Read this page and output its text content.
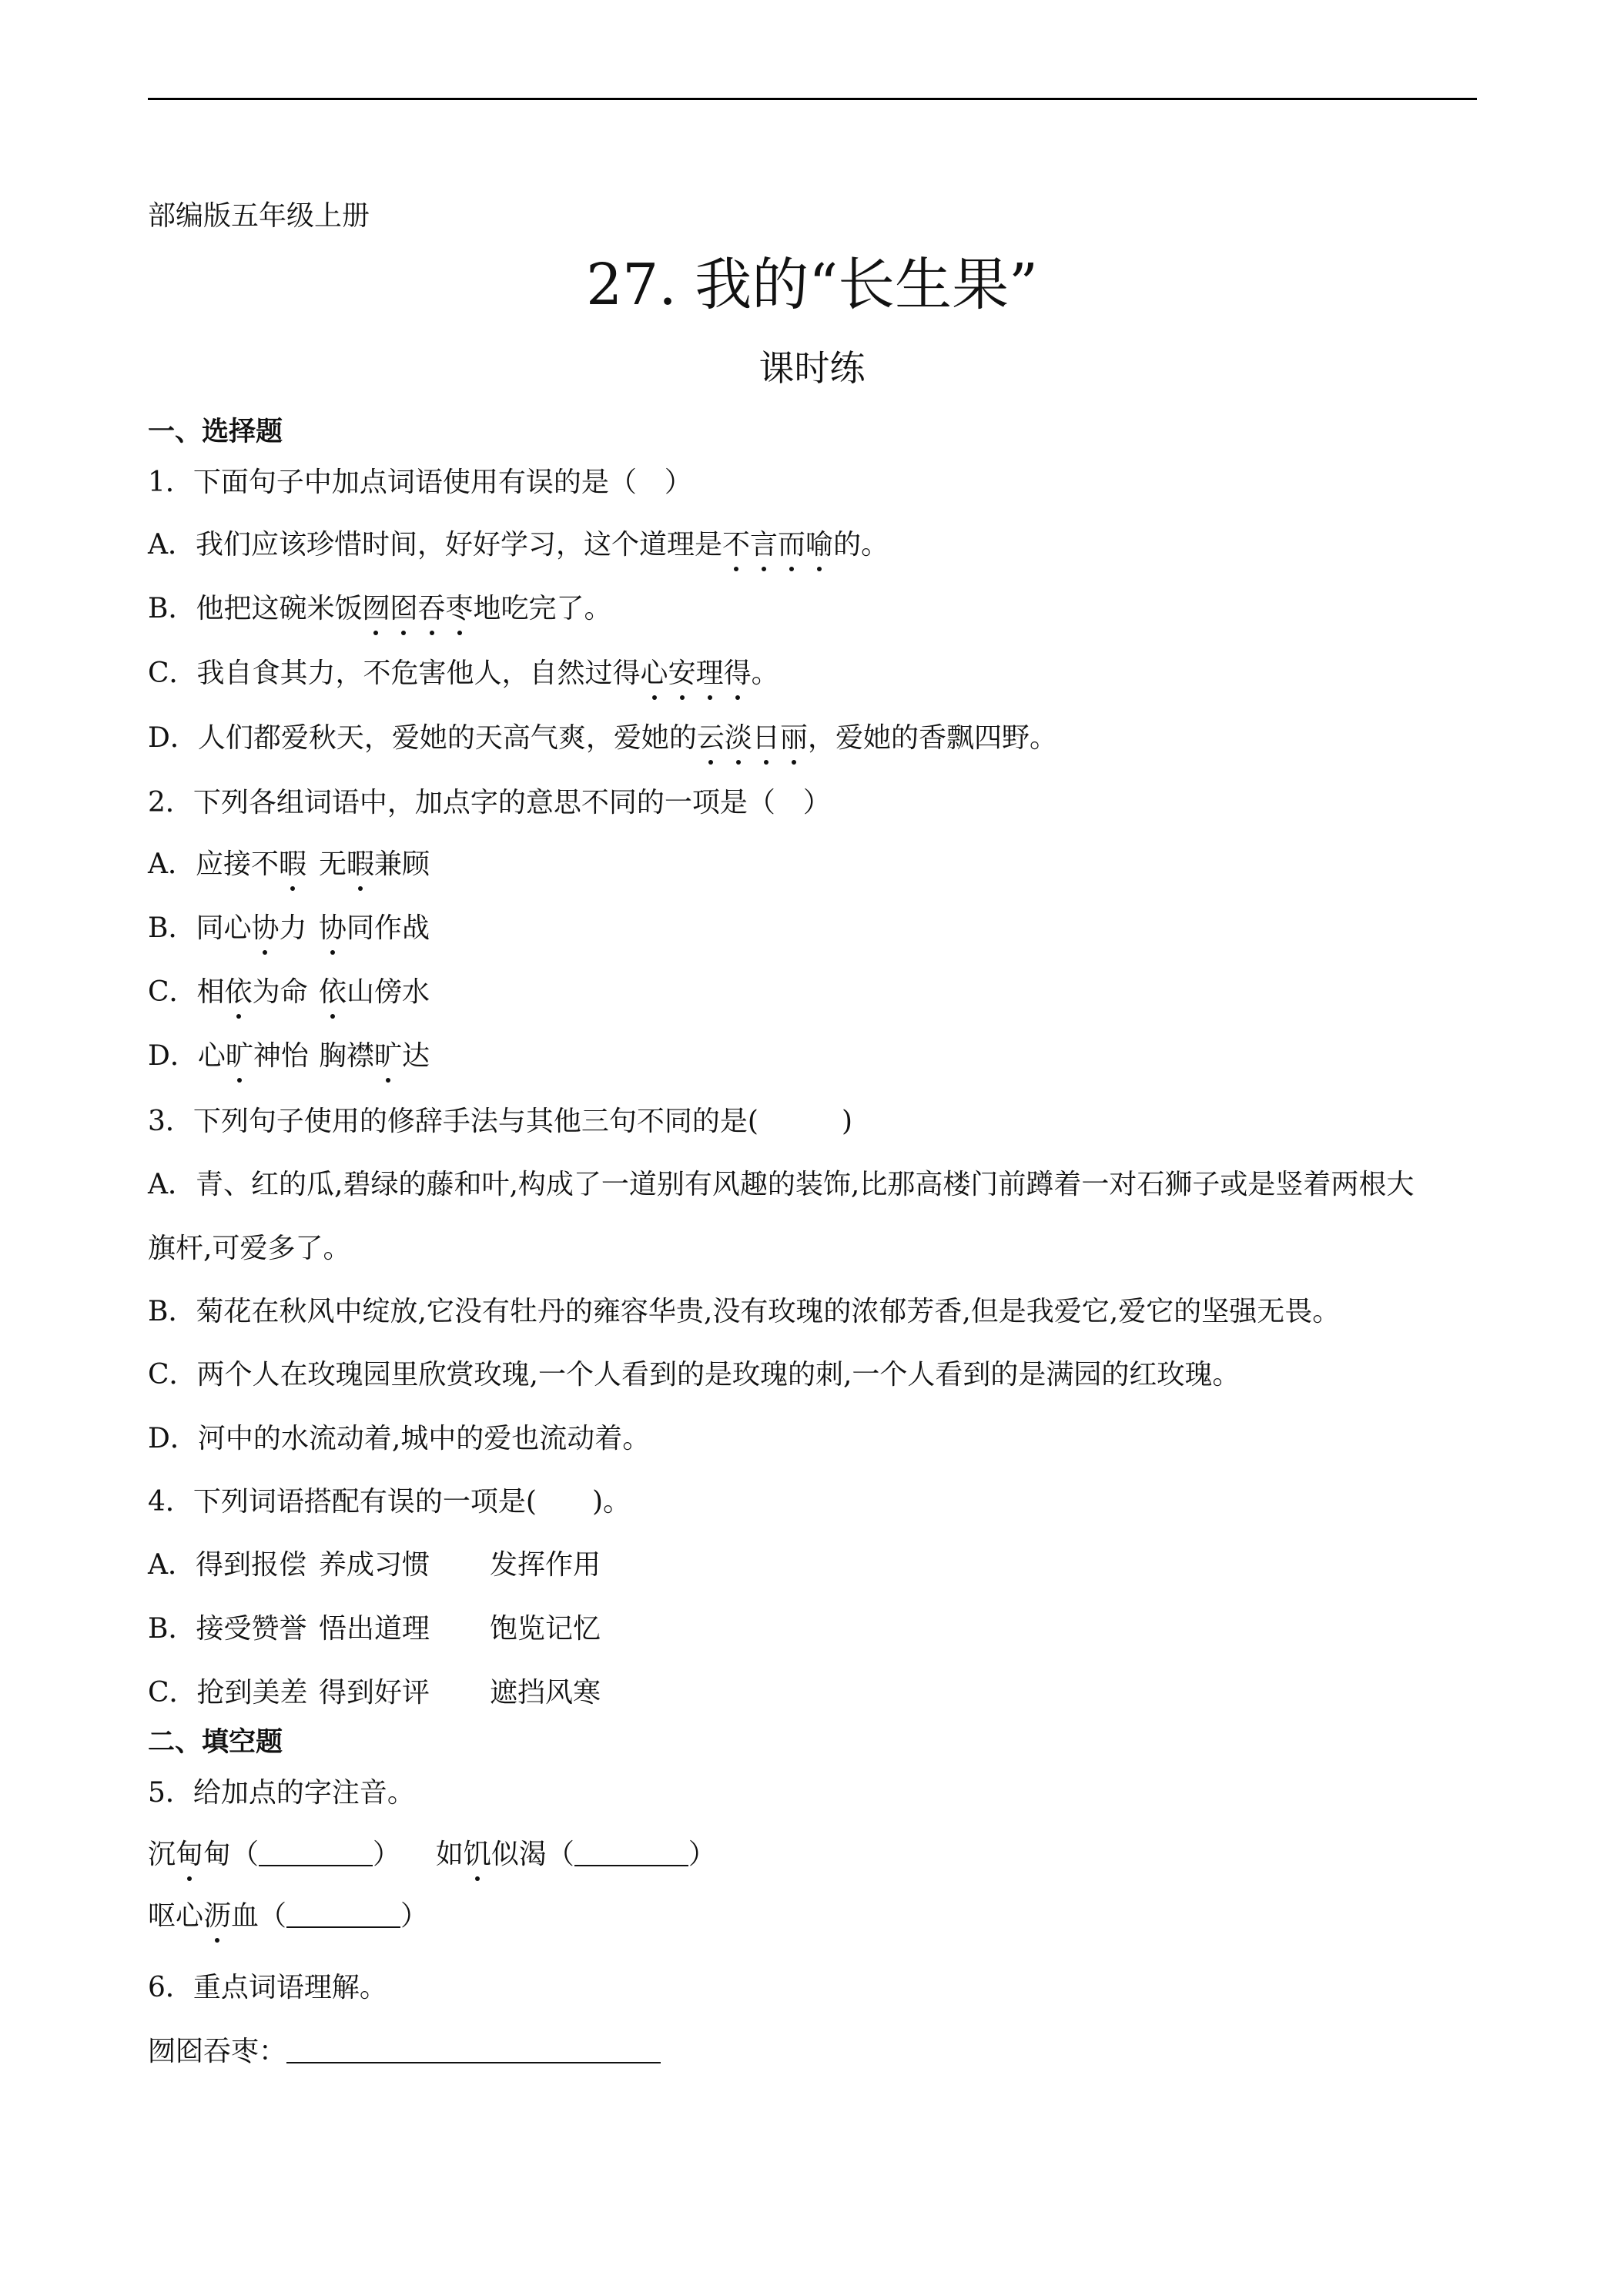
部编版五年级上册
27. 我的“长生果”
课时练
一、选择题
1．下面句子中加点词语使用有误的是（　）
A．我们应该珍惜时间，好好学习，这个道理是不言而喻的。
B．他把这碗米饭囫囵吞枣地吃完了。
C．我自食其力，不危害他人，自然过得心安理得。
D．人们都爱秋天，爱她的天高气爽，爱她的云淡日丽，爱她的香飘四野。
2．下列各组词语中，加点字的意思不同的一项是（　）
A．应接不暇 无暇兼顾
B．同心协力 协同作战
C．相依为命 依山傍水
D．心旷神怡 胸襟旷达
3．下列句子使用的修辞手法与其他三句不同的是(　　　)
A．青、红的瓜,碧绿的藤和叶,构成了一道别有风趣的装饰,比那高楼门前蹲着一对石狮子或是竖着两根大
旗杆,可爱多了。
B．菊花在秋风中绽放,它没有牡丹的雍容华贵,没有玫瑰的浓郁芳香,但是我爱它,爱它的坚强无畏。
C．两个人在玫瑰园里欣赏玫瑰,一个人看到的是玫瑰的刺,一个人看到的是满园的红玫瑰。
D．河中的水流动着,城中的爱也流动着。
4．下列词语搭配有误的一项是(　　)。
A．得到报偿 养成习惯 发挥作用
B．接受赞誉 悟出道理 饱览记忆
C．抢到美差 得到好评 遮挡风寒
二、填空题
5．给加点的字注音。
沉甸甸（	） 如饥似渴（	）
呕心沥血（	）
6．重点词语理解。
囫囵吞枣：
